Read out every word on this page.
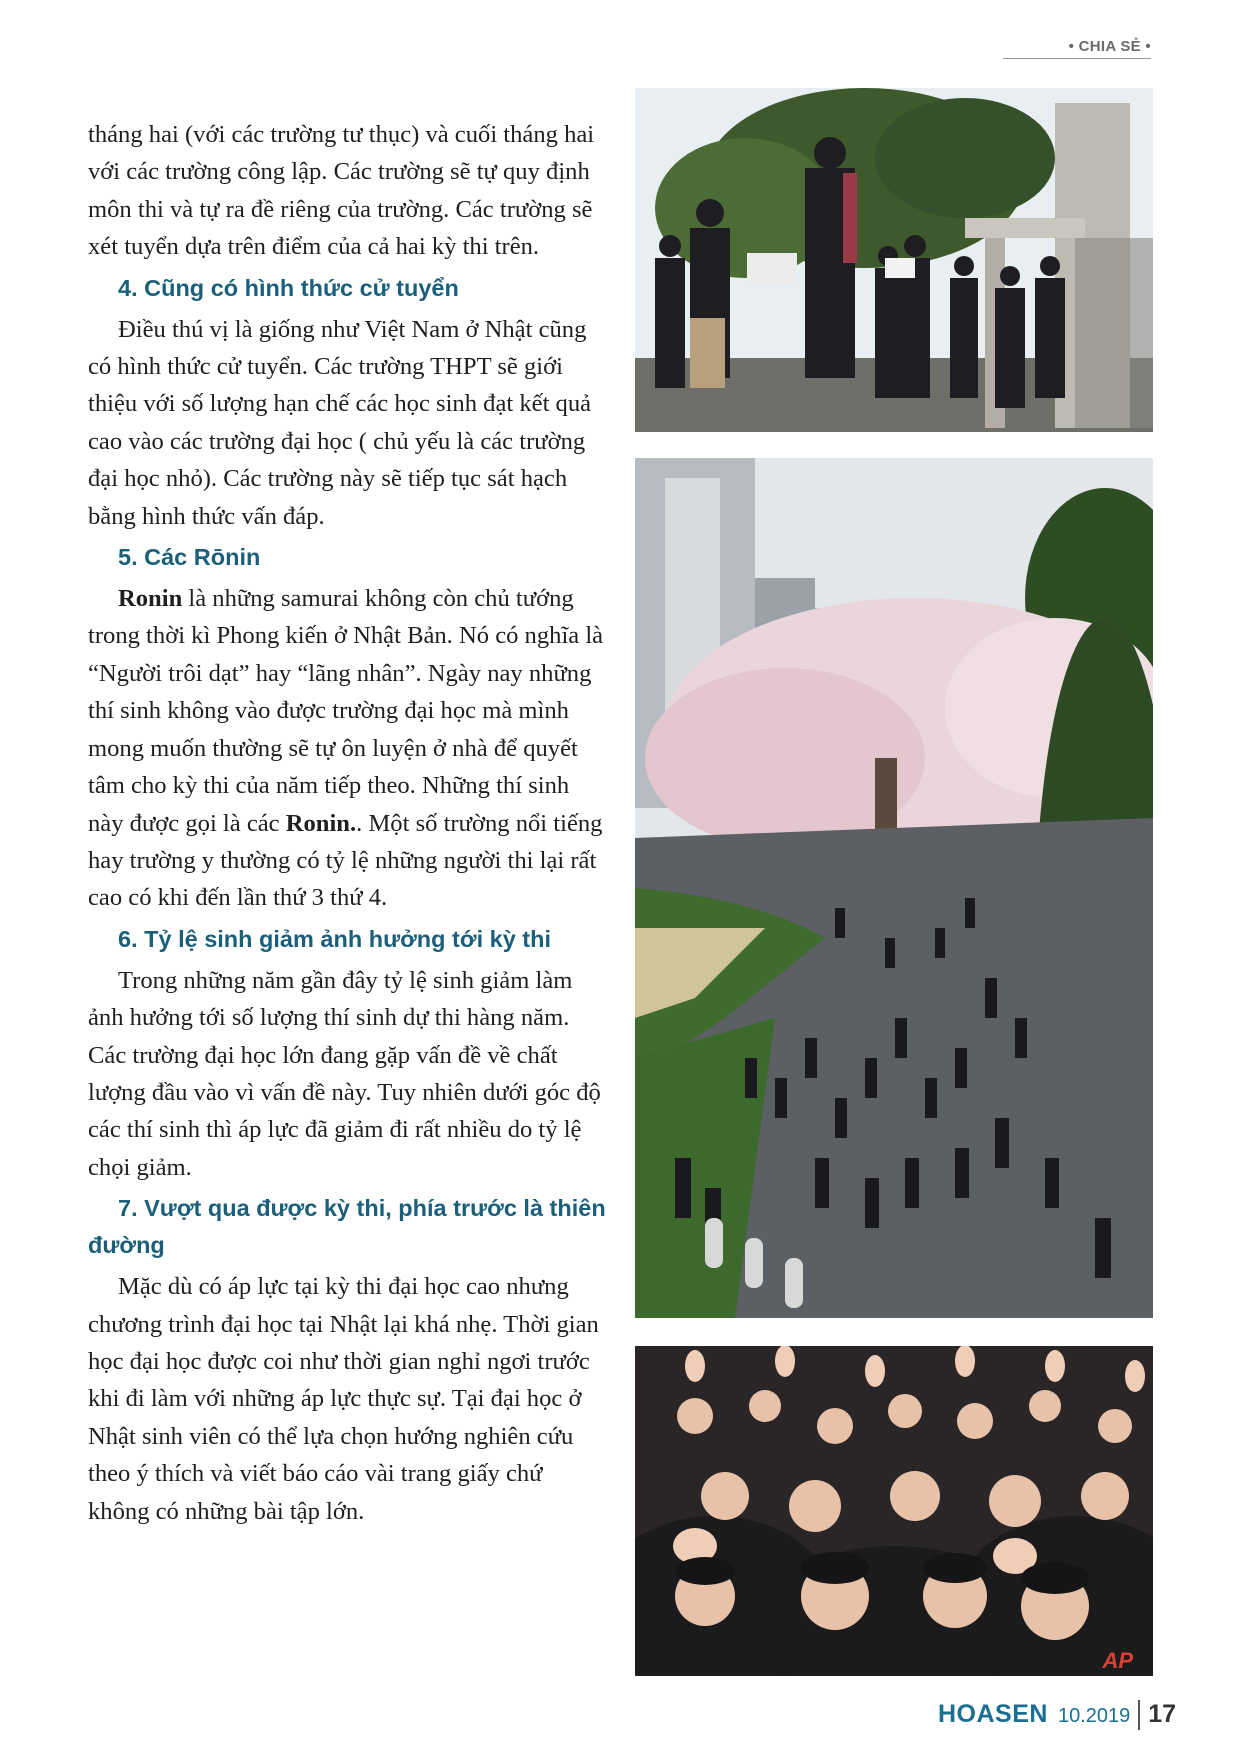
• CHIA SẺ •

tháng hai (với các trường tư thục) và cuối tháng hai với các trường công lập. Các trường sẽ tự quy định môn thi và tự ra đề riêng của trường. Các trường sẽ xét tuyển dựa trên điểm của cả hai kỳ thi trên.

4. Cũng có hình thức cử tuyển

Điều thú vị là giống như Việt Nam ở Nhật cũng có hình thức cử tuyển. Các trường THPT sẽ giới thiệu với số lượng hạn chế các học sinh đạt kết quả cao vào các trường đại học ( chủ yếu là các trường đại học nhỏ). Các trường này sẽ tiếp tục sát hạch bằng hình thức vấn đáp.

5. Các Rōnin

Ronin là những samurai không còn chủ tướng trong thời kì Phong kiến ở Nhật Bản. Nó có nghĩa là “Người trôi dạt” hay “lãng nhân”. Ngày nay những thí sinh không vào được trường đại học mà mình mong muốn thường sẽ tự ôn luyện ở nhà để quyết tâm cho kỳ thi của năm tiếp theo. Những thí sinh này được gọi là các Ronin.. Một số trường nổi tiếng hay trường y thường có tỷ lệ những người thi lại rất cao có khi đến lần thứ 3 thứ 4.

6. Tỷ lệ sinh giảm ảnh hưởng tới kỳ thi

Trong những năm gần đây tỷ lệ sinh giảm làm ảnh hưởng tới số lượng thí sinh dự thi hàng năm. Các trường đại học lớn đang gặp vấn đề về chất lượng đầu vào vì vấn đề này. Tuy nhiên dưới góc độ các thí sinh thì áp lực đã giảm đi rất nhiều do tỷ lệ chọi giảm.

7. Vượt qua được kỳ thi, phía trước là thiên đường

Mặc dù có áp lực tại kỳ thi đại học cao nhưng chương trình đại học tại Nhật lại khá nhẹ. Thời gian học đại học được coi như thời gian nghỉ ngơi trước khi đi làm với những áp lực thực sự. Tại đại học ở Nhật sinh viên có thể lựa chọn hướng nghiên cứu theo ý thích và viết báo cáo vài trang giấy chứ không có những bài tập lớn.

AP
HOASEN 10.2019 17
